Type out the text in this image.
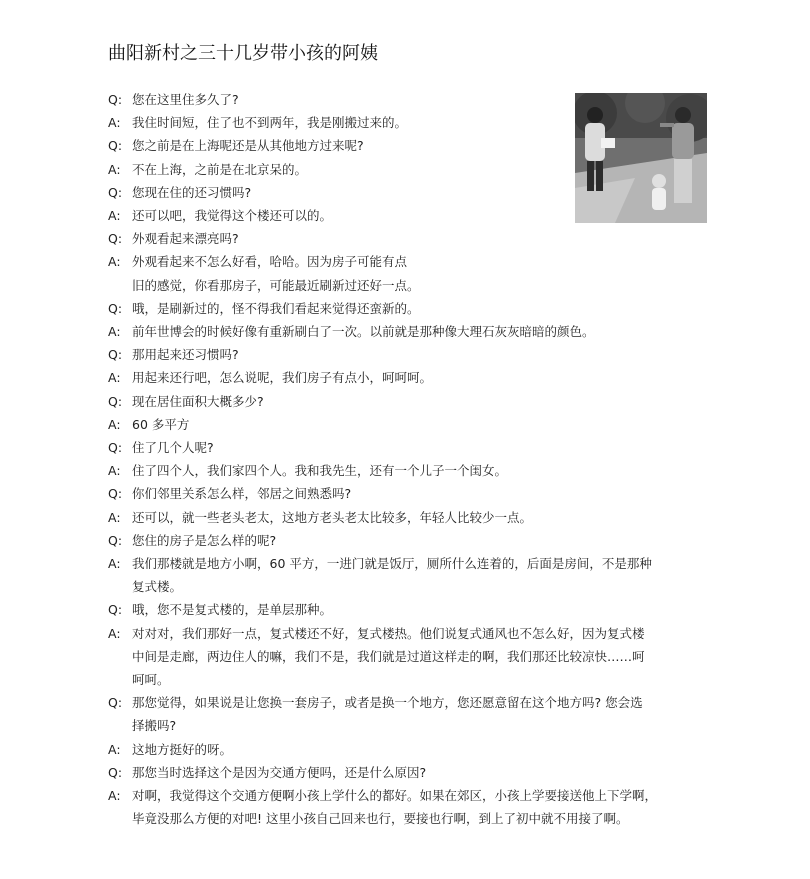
曲阳新村之三十几岁带小孩的阿姨
Q: 您在这里住多久了?
A: 我住时间短，住了也不到两年，我是刚搬过来的。
Q: 您之前是在上海呢还是从其他地方过来呢?
A: 不在上海，之前是在北京呆的。
Q: 您现在住的还习惯吗?
A: 还可以吧，我觉得这个楼还可以的。
Q: 外观看起来漂亮吗?
A: 外观看起来不怎么好看，哈哈。因为房子可能有点
旧的感觉，你看那房子，可能最近刷新过还好一点。
Q: 哦，是刷新过的，怪不得我们看起来觉得还蛮新的。
A: 前年世博会的时候好像有重新刷白了一次。以前就是那种像大理石灰灰暗暗的颜色。
Q: 那用起来还习惯吗?
A: 用起来还行吧，怎么说呢，我们房子有点小，呵呵呵。
Q: 现在居住面积大概多少?
A: 60 多平方
Q: 住了几个人呢?
A: 住了四个人，我们家四个人。我和我先生，还有一个儿子一个闺女。
Q: 你们邻里关系怎么样，邻居之间熟悉吗?
A: 还可以，就一些老头老太，这地方老头老太比较多，年轻人比较少一点。
Q: 您住的房子是怎么样的呢?
A: 我们那楼就是地方小啊，60 平方，一进门就是饭厅，厕所什么连着的，后面是房间，不是那种
复式楼。
Q: 哦，您不是复式楼的，是单层那种。
A: 对对对，我们那好一点，复式楼还不好，复式楼热。他们说复式通风也不怎么好，因为复式楼
中间是走廊，两边住人的嘛，我们不是，我们就是过道这样走的啊，我们那还比较凉快……呵
呵呵。
Q: 那您觉得，如果说是让您换一套房子，或者是换一个地方，您还愿意留在这个地方吗? 您会选
择搬吗?
A: 这地方挺好的呀。
Q: 那您当时选择这个是因为交通方便吗，还是什么原因?
A: 对啊，我觉得这个交通方便啊小孩上学什么的都好。如果在郊区，小孩上学要接送他上下学啊，
毕竟没那么方便的对吧! 这里小孩自己回来也行，要接也行啊，到上了初中就不用接了啊。
